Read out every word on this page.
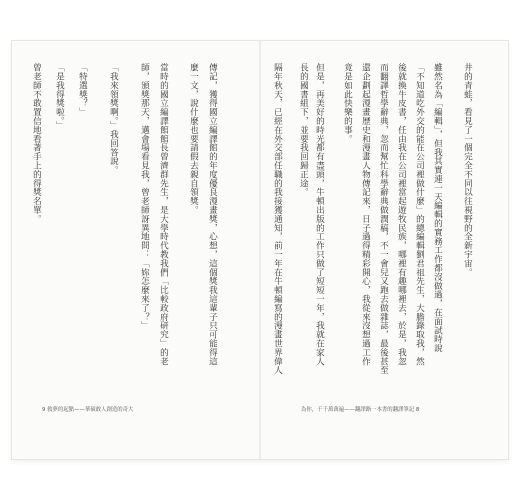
曾老師不敢置信地看著手上的得獎名單。 「是我得獎啦。」 「特選獎？」 「我來領獎啊。」我回答說。 師，頒獎那天，邁會場看見我，曾老師訝異地問：「妳怎麼來了？」 當時的國立編譯館館長曾濟群先生，是大學時代教我們「比較政府研究」的老 麼一文，說什麼也要請假去親自領獎。 傳記，獲得國立編譯館的年度優良漫畫獎，心想，這個獎我這輩子只可能得這
9 救夢的起點——華碩敢人創造的奇大
長的國書組下，並要我回歸正途。 但是，再美好的時光都有盡頭，牛頓出版的工作只做了短短一年，我就在家人 竟是如此快樂的事。 還企劃起漫畫歷史和漫畫人物傳記來，日子過得精彩開心，我從來沒想過工作 而翻譯哲學辭典，忽而幫忙科學辭典做潤稿，不一會兒又跑去做雜誌，最後甚至 後就換牛皮書，任由我在公司裡當起遊牧民族，哪裡有趣哪裡去，於是，我忽 「不知道吃外交的能在公司裡做什麼」的總編輯劉君祖先生，大膽錄取我，然 雖然名為「編輯」，但我其實連一天編輯的實務工作都沒做過，在面試時說 井的青蛙，看見了一個完全不同以往視野的全新宇宙。
隔年秋天，已經在外交部任職的我接獲通知，前一年在牛頓編寫的漫畫世界偉人
為你，千千萬萬遍——翻譯路一本書的翻譯筆記 8
